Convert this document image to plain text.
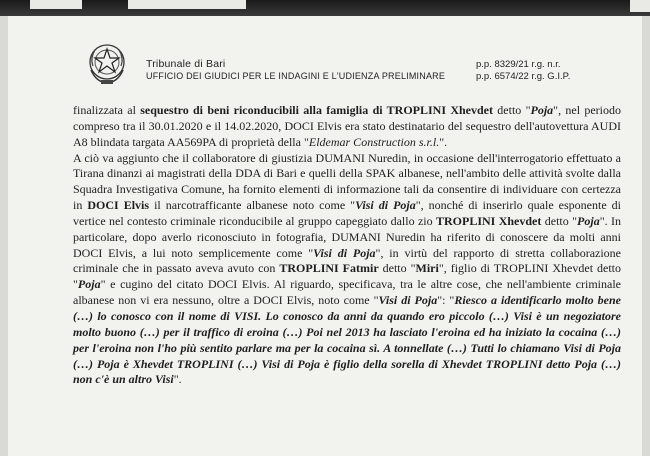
Tribunale di Bari
UFFICIO DEI GIUDICI PER LE INDAGINI E L'UDIENZA PRELIMINARE
p.p. 8329/21 r.g. n.r.
p.p. 6574/22 r.g. G.I.P.

finalizzata al sequestro di beni riconducibili alla famiglia di TROPLINI Xhevdet detto "Poja", nel periodo compreso tra il 30.01.2020 e il 14.02.2020, DOCI Elvis era stato destinatario del sequestro dell'autovettura AUDI A8 blindata targata AA569PA di proprietà della "Eldemar Construction s.r.l.".

A ciò va aggiunto che il collaboratore di giustizia DUMANI Nuredin, in occasione dell'interrogatorio effettuato a Tirana dinanzi ai magistrati della DDA di Bari e quelli della SPAK albanese, nell'ambito delle attività svolte dalla Squadra Investigativa Comune, ha fornito elementi di informazione tali da consentire di individuare con certezza in DOCI Elvis il narcotrafficante albanese noto come "Visi di Poja", nonché di inserirlo quale esponente di vertice nel contesto criminale riconducibile al gruppo capeggiato dallo zio TROPLINI Xhevdet detto "Poja". In particolare, dopo averlo riconosciuto in fotografia, DUMANI Nuredin ha riferito di conoscere da molti anni DOCI Elvis, a lui noto semplicemente come "Visi di Poja", in virtù del rapporto di stretta collaborazione criminale che in passato aveva avuto con TROPLINI Fatmir detto "Miri", figlio di TROPLINI Xhevdet detto "Poja" e cugino del citato DOCI Elvis. Al riguardo, specificava, tra le altre cose, che nell'ambiente criminale albanese non vi era nessuno, oltre a DOCI Elvis, noto come "Visi di Poja": "Riesco a identificarlo molto bene (…) lo conosco con il nome di VISI. Lo conosco da anni da quando ero piccolo (…) Visi è un negoziatore molto buono (…) per il traffico di eroina (…) Poi nel 2013 ha lasciato l'eroina ed ha iniziato la cocaina (…) per l'eroina non l'ho più sentito parlare ma per la cocaina sì. A tonnellate (…) Tutti lo chiamano Visi di Poja (…) Poja è Xhevdet TROPLINI (…) Visi di Poja è figlio della sorella di Xhevdet TROPLINI detto Poja (…) non c'è un altro Visi".
